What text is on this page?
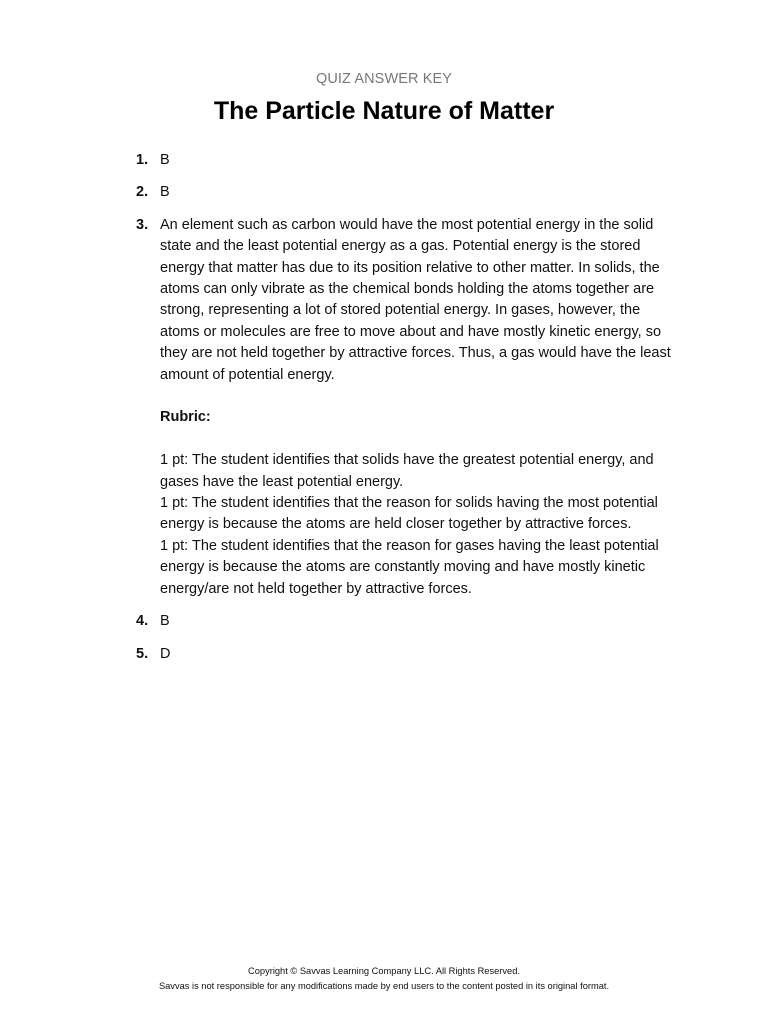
QUIZ ANSWER KEY
The Particle Nature of Matter
1. B
2. B
3. An element such as carbon would have the most potential energy in the solid state and the least potential energy as a gas. Potential energy is the stored energy that matter has due to its position relative to other matter. In solids, the atoms can only vibrate as the chemical bonds holding the atoms together are strong, representing a lot of stored potential energy. In gases, however, the atoms or molecules are free to move about and have mostly kinetic energy, so they are not held together by attractive forces. Thus, a gas would have the least amount of potential energy.
Rubric:
1 pt: The student identifies that solids have the greatest potential energy, and gases have the least potential energy.
1 pt: The student identifies that the reason for solids having the most potential energy is because the atoms are held closer together by attractive forces.
1 pt: The student identifies that the reason for gases having the least potential energy is because the atoms are constantly moving and have mostly kinetic energy/are not held together by attractive forces.
4. B
5. D
Copyright © Savvas Learning Company LLC. All Rights Reserved.
Savvas is not responsible for any modifications made by end users to the content posted in its original format.
